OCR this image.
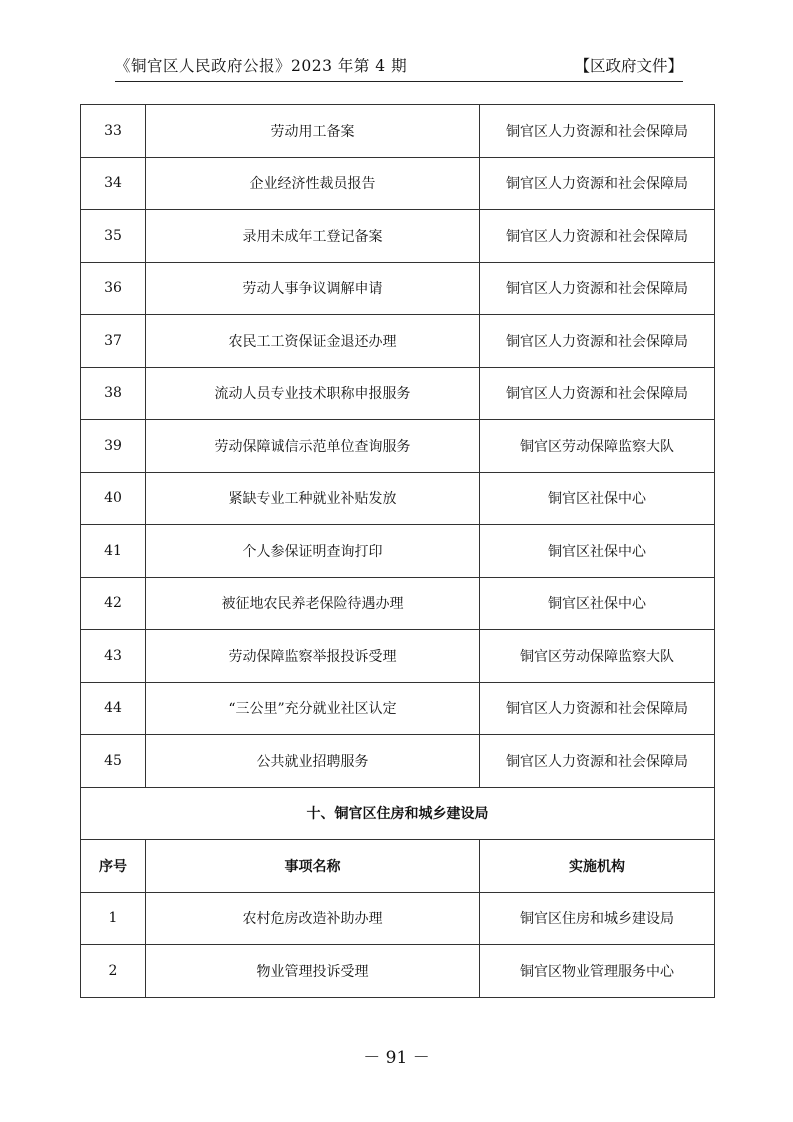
《铜官区人民政府公报》2023 年第 4 期	【区政府文件】
33	劳动用工备案	铜官区人力资源和社会保障局
34	企业经济性裁员报告	铜官区人力资源和社会保障局
35	录用未成年工登记备案	铜官区人力资源和社会保障局
36	劳动人事争议调解申请	铜官区人力资源和社会保障局
37	农民工工资保证金退还办理	铜官区人力资源和社会保障局
38	流动人员专业技术职称申报服务	铜官区人力资源和社会保障局
39	劳动保障诚信示范单位查询服务	铜官区劳动保障监察大队
40	紧缺专业工种就业补贴发放	铜官区社保中心
41	个人参保证明查询打印	铜官区社保中心
42	被征地农民养老保险待遇办理	铜官区社保中心
43	劳动保障监察举报投诉受理	铜官区劳动保障监察大队
44	“三公里”充分就业社区认定	铜官区人力资源和社会保障局
45	公共就业招聘服务	铜官区人力资源和社会保障局
十、铜官区住房和城乡建设局		
序号	事项名称	实施机构
1	农村危房改造补助办理	铜官区住房和城乡建设局
2	物业管理投诉受理	铜官区物业管理服务中心
－ 91 －
